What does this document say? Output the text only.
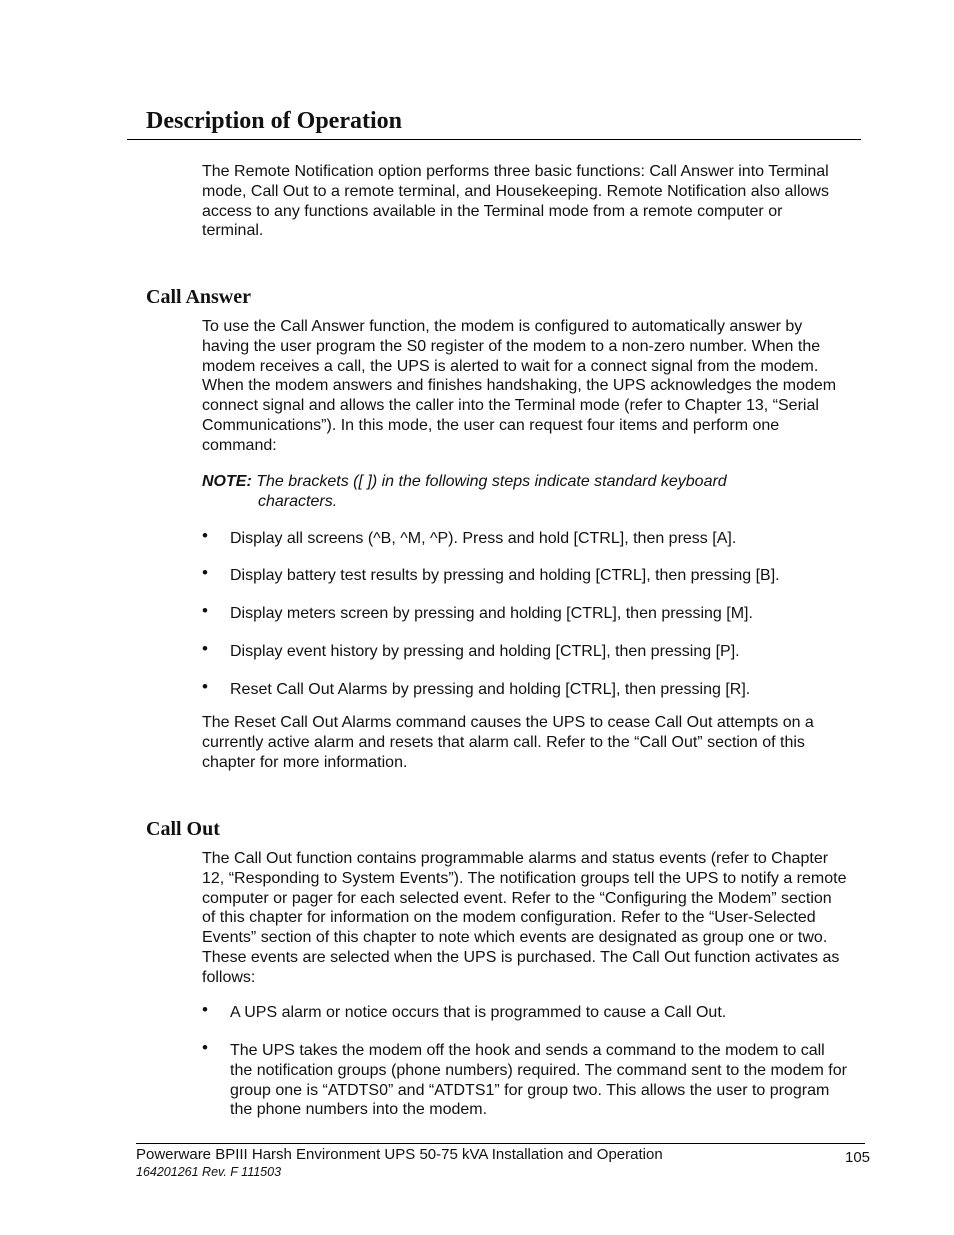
Description of Operation

The Remote Notification option performs three basic functions: Call Answer into Terminal mode, Call Out to a remote terminal, and Housekeeping. Remote Notification also allows access to any functions available in the Terminal mode from a remote computer or terminal.

Call Answer

To use the Call Answer function, the modem is configured to automatically answer by having the user program the S0 register of the modem to a non-zero number. When the modem receives a call, the UPS is alerted to wait for a connect signal from the modem. When the modem answers and finishes handshaking, the UPS acknowledges the modem connect signal and allows the caller into the Terminal mode (refer to Chapter 13, “Serial Communications”). In this mode, the user can request four items and perform one command:

NOTE: The brackets ([ ]) in the following steps indicate standard keyboard
characters.
• Display all screens (^B, ^M, ^P). Press and hold [CTRL], then press [A].
• Display battery test results by pressing and holding [CTRL], then pressing [B].
• Display meters screen by pressing and holding [CTRL], then pressing [M].
• Display event history by pressing and holding [CTRL], then pressing [P].
• Reset Call Out Alarms by pressing and holding [CTRL], then pressing [R].

The Reset Call Out Alarms command causes the UPS to cease Call Out attempts on a currently active alarm and resets that alarm call. Refer to the “Call Out” section of this chapter for more information.

Call Out

The Call Out function contains programmable alarms and status events (refer to Chapter 12, “Responding to System Events”). The notification groups tell the UPS to notify a remote computer or pager for each selected event. Refer to the “Configuring the Modem” section of this chapter for information on the modem configuration. Refer to the “User-Selected Events” section of this chapter to note which events are designated as group one or two. These events are selected when the UPS is purchased. The Call Out function activates as follows:

• A UPS alarm or notice occurs that is programmed to cause a Call Out.
• The UPS takes the modem off the hook and sends a command to the modem to call the notification groups (phone numbers) required. The command sent to the modem for group one is “ATDTS0” and “ATDTS1” for group two. This allows the user to program the phone numbers into the modem.

Powerware BPIII Harsh Environment UPS 50-75 kVA Installation and Operation

164201261 Rev. F 111503

105
